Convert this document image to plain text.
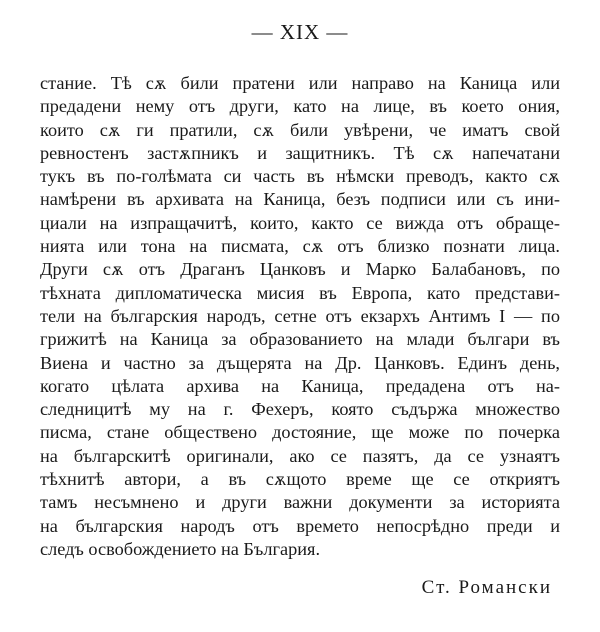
— XIX —
стание. Тѣ сѫ били пратени или направо на Каница или
предадени нему отъ други, като на лице, въ което ония,
които сѫ ги пратили, сѫ били увѣрени, че иматъ свой
ревностенъ застѫпникъ и защитникъ. Тѣ сѫ напечатани
тукъ въ по-голѣмата си часть въ нѣмски преводъ, както сѫ
намѣрени въ архивата на Каница, безъ подписи или съ ини-
циали на изпращачитѣ, които, както се вижда отъ обраще-
нията или тона на писмата, сѫ отъ близко познати лица.
Други сѫ отъ Драганъ Цанковъ и Марко Балабановъ, по
тѣхната дипломатическа мисия въ Европа, като представи-
тели на българския народъ, сетне отъ екзархъ Антимъ I — по
грижитѣ на Каница за образованието на млади българи въ
Виена и частно за дъщерята на Др. Цанковъ. Единъ день,
когато цѣлата архива на Каница, предадена отъ на-
следницитѣ му на г. Фехеръ, която съдържа множество
писма, стане обществено достояние, ще може по почерка
на българскитѣ оригинали, ако се пазятъ, да се узнаятъ
тѣхнитѣ автори, а въ сѫщото време ще се откриятъ
тамъ несъмнено и други важни документи за историята
на българския народъ отъ времето непосрѣдно преди и
следъ освобождението на България.
Ст. Романски
